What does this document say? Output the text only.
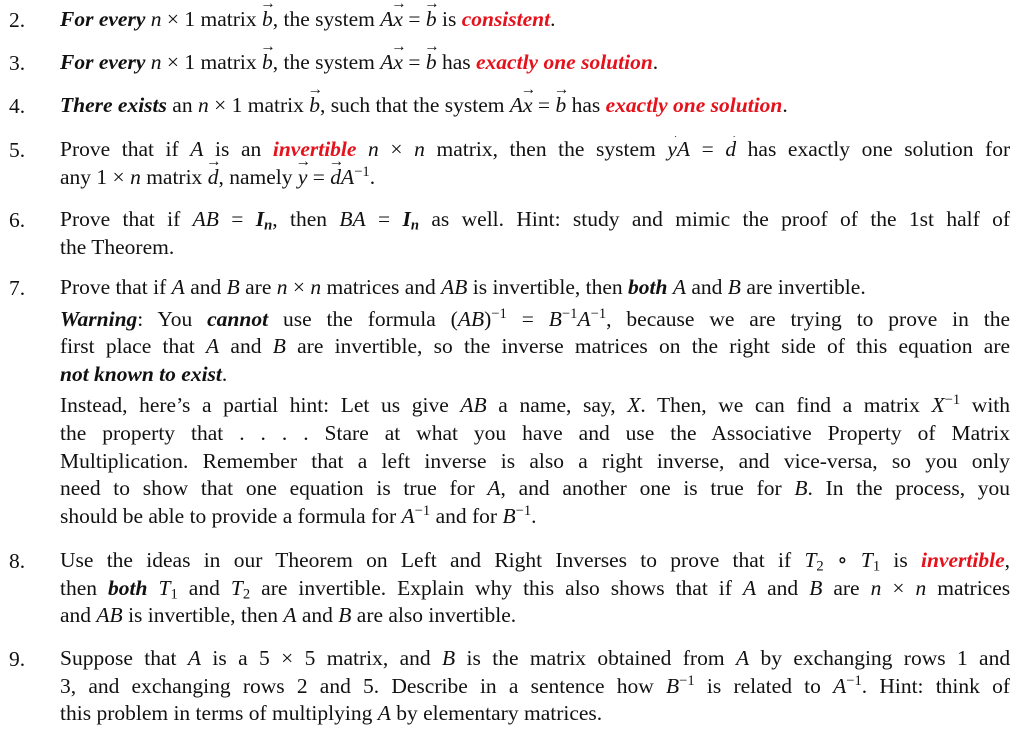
2. For every n × 1 matrix → b, the system A→ x = → b is consistent.
3. For every n × 1 matrix → b, the system A→ x = → b has exactly one solution.
4. There exists an n × 1 matrix → b, such that the system A→ x = → b has exactly one solution.
5. Prove that if A is an invertible n × n matrix, then the system → yA = → d has exactly one solution for
any 1 × n matrix → d, namely → y = → $dA^{-1}$.
6. Prove that if AB = $I_n$, then BA = $I_n$ as well. Hint: study and mimic the proof of the 1st half of
the Theorem.
7. Prove that if A and B are n × n matrices and AB is invertible, then both A and B are invertible.
Warning: You cannot use the formula $(AB)^{-1} = B^{-1}A^{-1}$, because we are trying to prove in the
first place that A and B are invertible, so the inverse matrices on the right side of this equation are
not known to exist.
Instead, here’s a partial hint: Let us give AB a name, say, X. Then, we can find a matrix $X^{-1}$ with
the property that . . . . Stare at what you have and use the Associative Property of Matrix
Multiplication. Remember that a left inverse is also a right inverse, and vice-versa, so you only
need to show that one equation is true for A, and another one is true for B. In the process, you
should be able to provide a formula for $A^{-1}$ and for $B^{-1}$.
8. Use the ideas in our Theorem on Left and Right Inverses to prove that if $T_2$ ∘ $T_1$ is invertible,
then both $T_1$ and $T_2$ are invertible. Explain why this also shows that if A and B are n × n matrices
and AB is invertible, then A and B are also invertible.
9. Suppose that A is a 5 × 5 matrix, and B is the matrix obtained from A by exchanging rows 1 and
3, and exchanging rows 2 and 5. Describe in a sentence how $B^{-1}$ is related to $A^{-1}$. Hint: think of
this problem in terms of multiplying A by elementary matrices.
